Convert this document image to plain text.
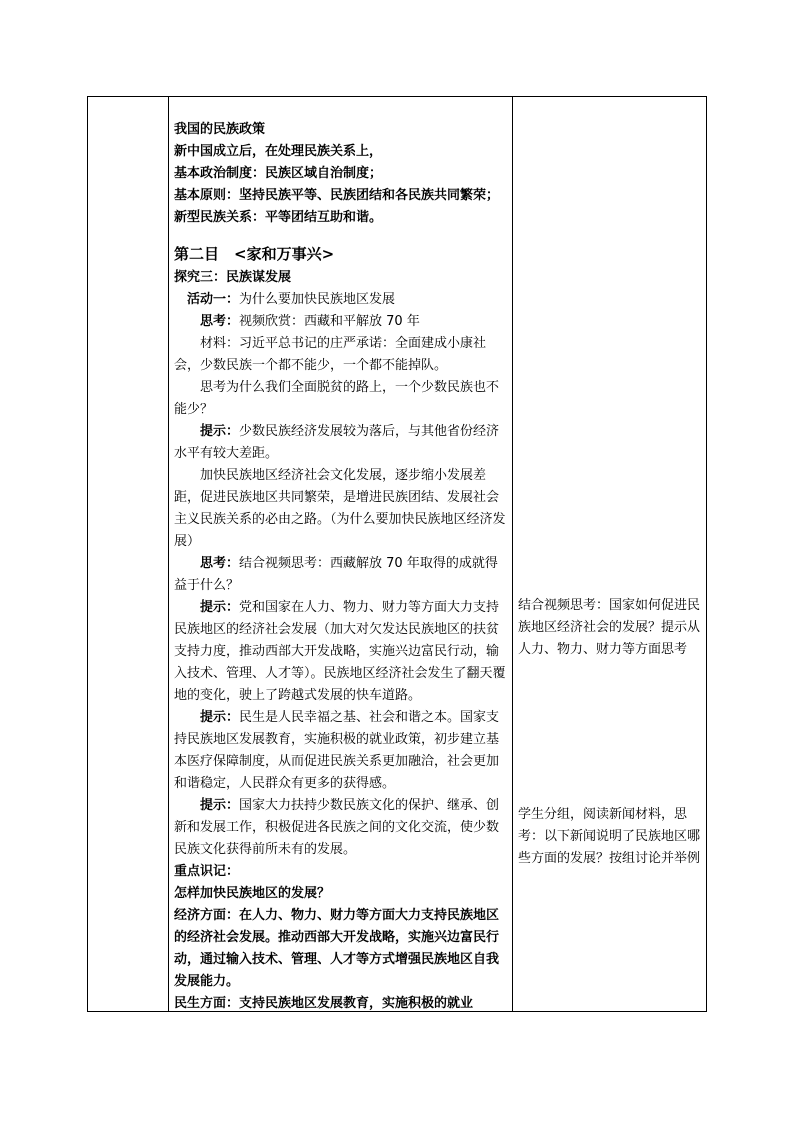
我国的民族政策

新中国成立后，在处理民族关系上，

基本政治制度：民族区域自治制度；

基本原则：坚持民族平等、民族团结和各民族共同繁荣；

新型民族关系：平等团结互助和谐。

第二目　<家和万事兴>

探究三：民族谋发展

活动一：为什么要加快民族地区发展

思考：视频欣赏：西藏和平解放 70 年

材料：习近平总书记的庄严承诺：全面建成小康社会，少数民族一个都不能少，一个都不能掉队。

思考为什么我们全面脱贫的路上，一个少数民族也不能少？

提示：少数民族经济发展较为落后，与其他省份经济水平有较大差距。

加快民族地区经济社会文化发展，逐步缩小发展差距，促进民族地区共同繁荣，是增进民族团结、发展社会主义民族关系的必由之路。（为什么要加快民族地区经济发展）

思考：结合视频思考：西藏解放 70 年取得的成就得益于什么？

提示：党和国家在人力、物力、财力等方面大力支持民族地区的经济社会发展（加大对欠发达民族地区的扶贫支持力度，推动西部大开发战略，实施兴边富民行动，输入技术、管理、人才等）。民族地区经济社会发生了翻天覆地的变化，驶上了跨越式发展的快车道路。

提示：民生是人民幸福之基、社会和谐之本。国家支持民族地区发展教育，实施积极的就业政策，初步建立基本医疗保障制度，从而促进民族关系更加融洽，社会更加和谐稳定，人民群众有更多的获得感。

提示：国家大力扶持少数民族文化的保护、继承、创新和发展工作，积极促进各民族之间的文化交流，使少数民族文化获得前所未有的发展。

重点识记：

怎样加快民族地区的发展？

经济方面：在人力、物力、财力等方面大力支持民族地区的经济社会发展。推动西部大开发战略，实施兴边富民行动，通过输入技术、管理、人才等方式增强民族地区自我发展能力。

民生方面：支持民族地区发展教育，实施积极的就业

结合视频思考：国家如何促进民族地区经济社会的发展？提示从人力、物力、财力等方面思考
学生分组，阅读新闻材料，思考：以下新闻说明了民族地区哪些方面的发展？按组讨论并举例
